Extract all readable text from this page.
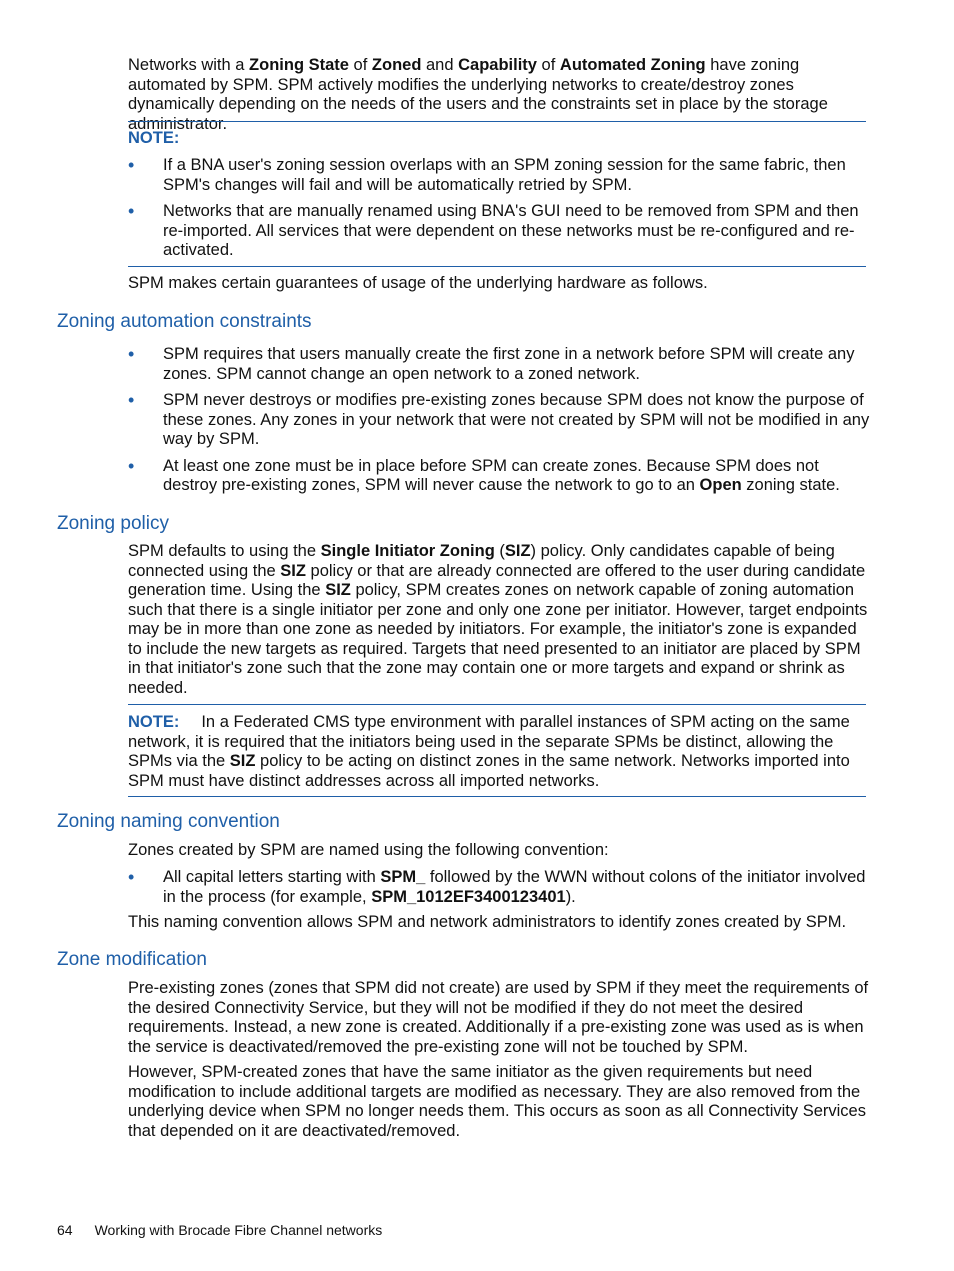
Networks with a Zoning State of Zoned and Capability of Automated Zoning have zoning automated by SPM. SPM actively modifies the underlying networks to create/destroy zones dynamically depending on the needs of the users and the constraints set in place by the storage administrator.

NOTE:

• If a BNA user's zoning session overlaps with an SPM zoning session for the same fabric, then SPM's changes will fail and will be automatically retried by SPM.
• Networks that are manually renamed using BNA's GUI need to be removed from SPM and then re-imported. All services that were dependent on these networks must be re-configured and re-activated.

SPM makes certain guarantees of usage of the underlying hardware as follows.

Zoning automation constraints
• SPM requires that users manually create the first zone in a network before SPM will create any zones. SPM cannot change an open network to a zoned network.
• SPM never destroys or modifies pre-existing zones because SPM does not know the purpose of these zones. Any zones in your network that were not created by SPM will not be modified in any way by SPM.
• At least one zone must be in place before SPM can create zones. Because SPM does not destroy pre-existing zones, SPM will never cause the network to go to an Open zoning state.
Zoning policy

SPM defaults to using the Single Initiator Zoning (SIZ) policy. Only candidates capable of being connected using the SIZ policy or that are already connected are offered to the user during candidate generation time. Using the SIZ policy, SPM creates zones on network capable of zoning automation such that there is a single initiator per zone and only one zone per initiator. However, target endpoints may be in more than one zone as needed by initiators. For example, the initiator's zone is expanded to include the new targets as required. Targets that need presented to an initiator are placed by SPM in that initiator's zone such that the zone may contain one or more targets and expand or shrink as needed.

NOTE: In a Federated CMS type environment with parallel instances of SPM acting on the same network, it is required that the initiators being used in the separate SPMs be distinct, allowing the SPMs via the SIZ policy to be acting on distinct zones in the same network. Networks imported into SPM must have distinct addresses across all imported networks.

Zoning naming convention

Zones created by SPM are named using the following convention:

• All capital letters starting with SPM_ followed by the WWN without colons of the initiator involved in the process (for example, SPM_1012EF3400123401).

This naming convention allows SPM and network administrators to identify zones created by SPM.

Zone modification

Pre-existing zones (zones that SPM did not create) are used by SPM if they meet the requirements of the desired Connectivity Service, but they will not be modified if they do not meet the desired requirements. Instead, a new zone is created. Additionally if a pre-existing zone was used as is when the service is deactivated/removed the pre-existing zone will not be touched by SPM.

However, SPM-created zones that have the same initiator as the given requirements but need modification to include additional targets are modified as necessary. They are also removed from the underlying device when SPM no longer needs them. This occurs as soon as all Connectivity Services that depended on it are deactivated/removed.

64 Working with Brocade Fibre Channel networks
